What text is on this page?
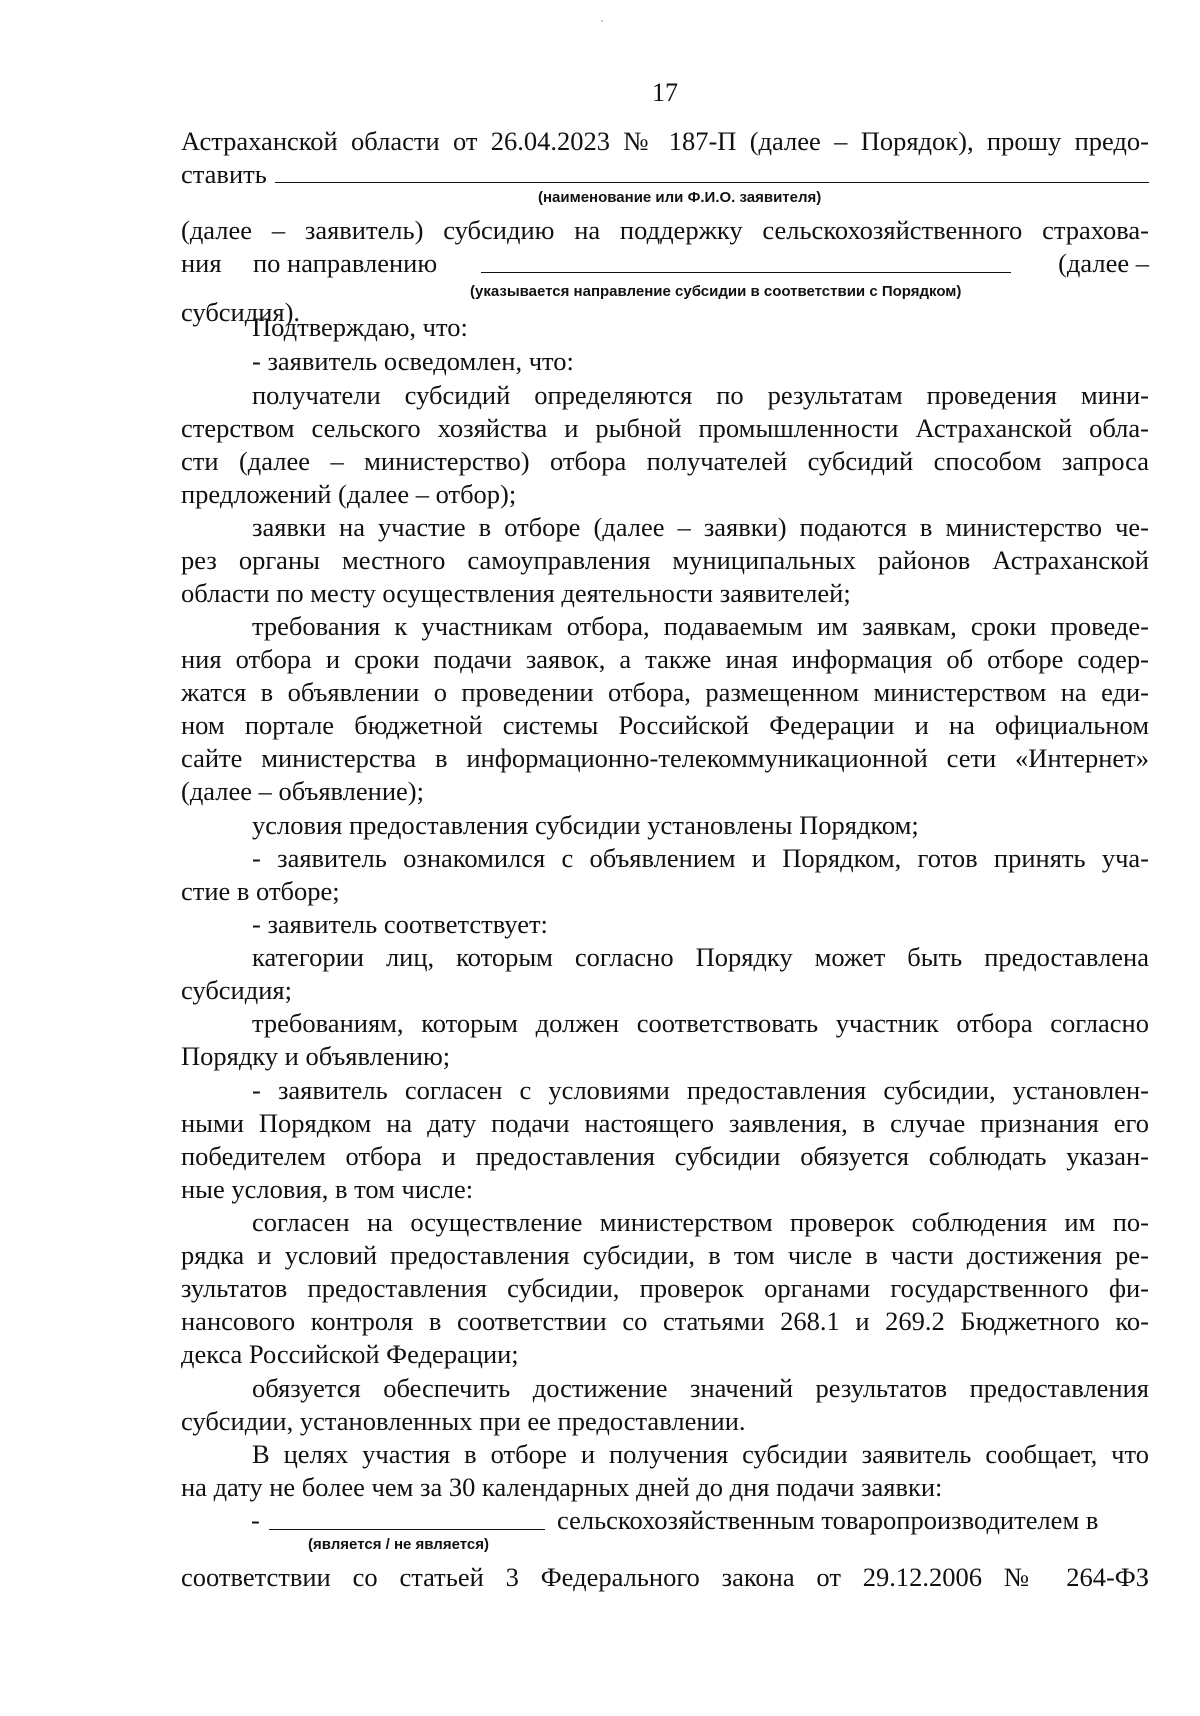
17
Астраханской области от 26.04.2023 № 187-П (далее – Порядок), прошу предо-
ставить
(наименование или Ф.И.О. заявителя)
(далее – заявитель) субсидию на поддержку сельскохозяйственного страхова-
ния по направлению	(далее –
(указывается направление субсидии в соответствии с Порядком)
субсидия).
Подтверждаю, что:
- заявитель осведомлен, что:
получатели субсидий определяются по результатам проведения мини-
стерством сельского хозяйства и рыбной промышленности Астраханской обла-
сти (далее – министерство) отбора получателей субсидий способом запроса
предложений (далее – отбор);
заявки на участие в отборе (далее – заявки) подаются в министерство че-
рез органы местного самоуправления муниципальных районов Астраханской
области по месту осуществления деятельности заявителей;
требования к участникам отбора, подаваемым им заявкам, сроки проведе-
ния отбора и сроки подачи заявок, а также иная информация об отборе содер-
жатся в объявлении о проведении отбора, размещенном министерством на еди-
ном портале бюджетной системы Российской Федерации и на официальном
сайте министерства в информационно-телекоммуникационной сети «Интернет»
(далее – объявление);
условия предоставления субсидии установлены Порядком;
- заявитель ознакомился с объявлением и Порядком, готов принять уча-
стие в отборе;
- заявитель соответствует:
категории лиц, которым согласно Порядку может быть предоставлена
субсидия;
требованиям, которым должен соответствовать участник отбора согласно
Порядку и объявлению;
- заявитель согласен с условиями предоставления субсидии, установлен-
ными Порядком на дату подачи настоящего заявления, в случае признания его
победителем отбора и предоставления субсидии обязуется соблюдать указан-
ные условия, в том числе:
согласен на осуществление министерством проверок соблюдения им по-
рядка и условий предоставления субсидии, в том числе в части достижения ре-
зультатов предоставления субсидии, проверок органами государственного фи-
нансового контроля в соответствии со статьями 268.1 и 269.2 Бюджетного ко-
декса Российской Федерации;
обязуется обеспечить достижение значений результатов предоставления
субсидии, установленных при ее предоставлении.
В целях участия в отборе и получения субсидии заявитель сообщает, что
на дату не более чем за 30 календарных дней до дня подачи заявки:
-	сельскохозяйственным товаропроизводителем в
(является / не является)
соответствии со статьей 3 Федерального закона от 29.12.2006 № 264-ФЗ
